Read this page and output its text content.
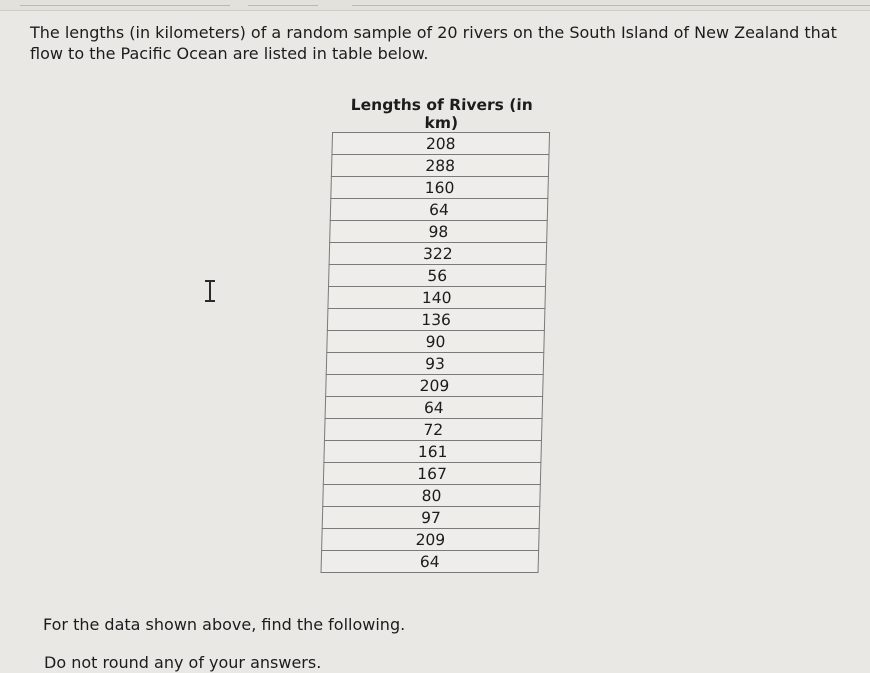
The lengths (in kilometers) of a random sample of 20 rivers on the South Island of New Zealand that flow to the Pacific Ocean are listed in table below.

Lengths of Rivers (in km)
208
288
160
64
98
322
56
140
136
90
93
209
64
72
161
167
80
97
209
64

For the data shown above, find the following.

Do not round any of your answers.
